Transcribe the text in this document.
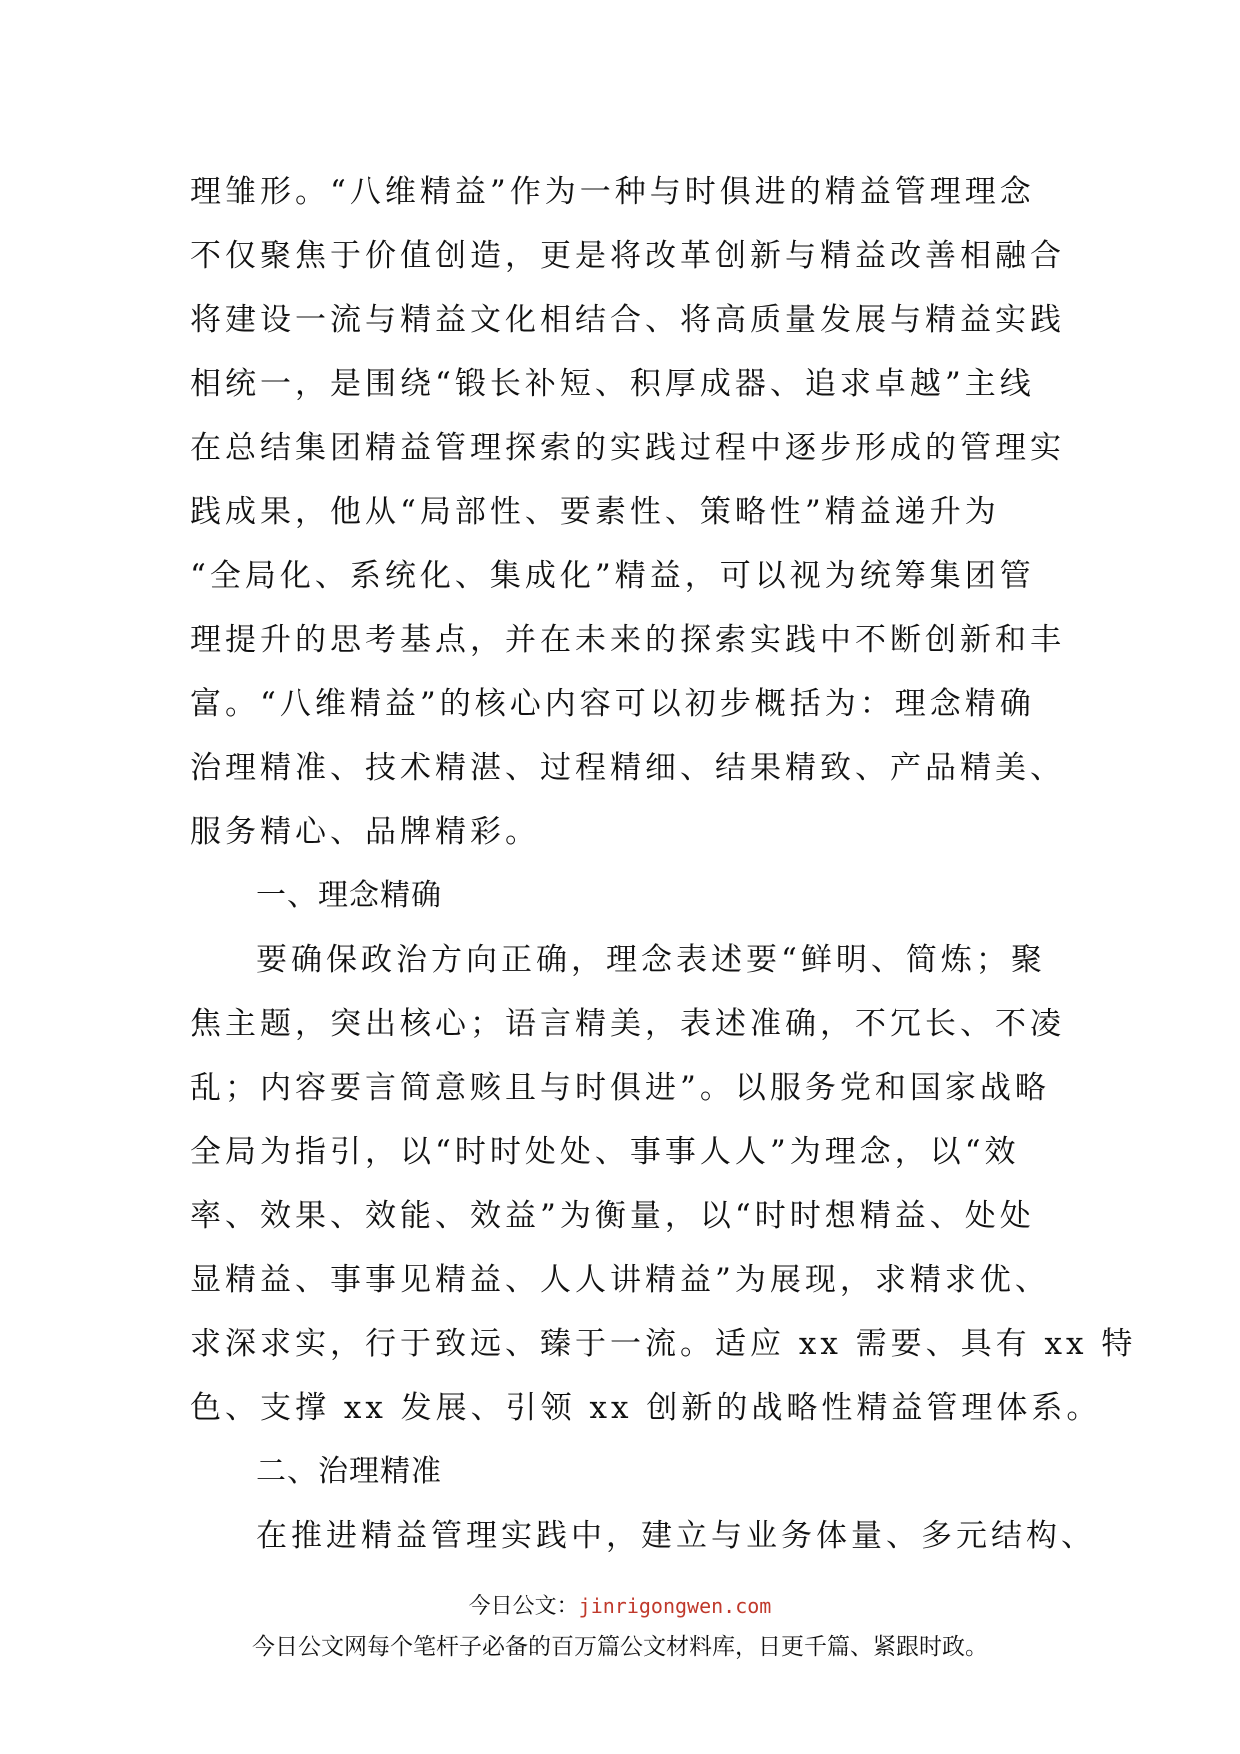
理雏形。“八维精益”作为一种与时俱进的精益管理理念
不仅聚焦于价值创造，更是将改革创新与精益改善相融合
将建设一流与精益文化相结合、将高质量发展与精益实践
相统一，是围绕“锻长补短、积厚成器、追求卓越”主线
在总结集团精益管理探索的实践过程中逐步形成的管理实
践成果，他从“局部性、要素性、策略性”精益递升为
“全局化、系统化、集成化”精益，可以视为统筹集团管
理提升的思考基点，并在未来的探索实践中不断创新和丰
富。“八维精益”的核心内容可以初步概括为：理念精确
治理精准、技术精湛、过程精细、结果精致、产品精美、
服务精心、品牌精彩。
一、理念精确
要确保政治方向正确，理念表述要“鲜明、简炼；聚
焦主题，突出核心；语言精美，表述准确，不冗长、不凌
乱；内容要言简意赅且与时俱进”。以服务党和国家战略
全局为指引，以“时时处处、事事人人”为理念，以“效
率、效果、效能、效益”为衡量，以“时时想精益、处处
显精益、事事见精益、人人讲精益”为展现，求精求优、
求深求实，行于致远、臻于一流。适应 xx 需要、具有 xx 特
色、支撑 xx 发展、引领 xx 创新的战略性精益管理体系。
二、治理精准
在推进精益管理实践中，建立与业务体量、多元结构、
今日公文：jinrigongwen.com
今日公文网每个笔杆子必备的百万篇公文材料库，日更千篇、紧跟时政。
